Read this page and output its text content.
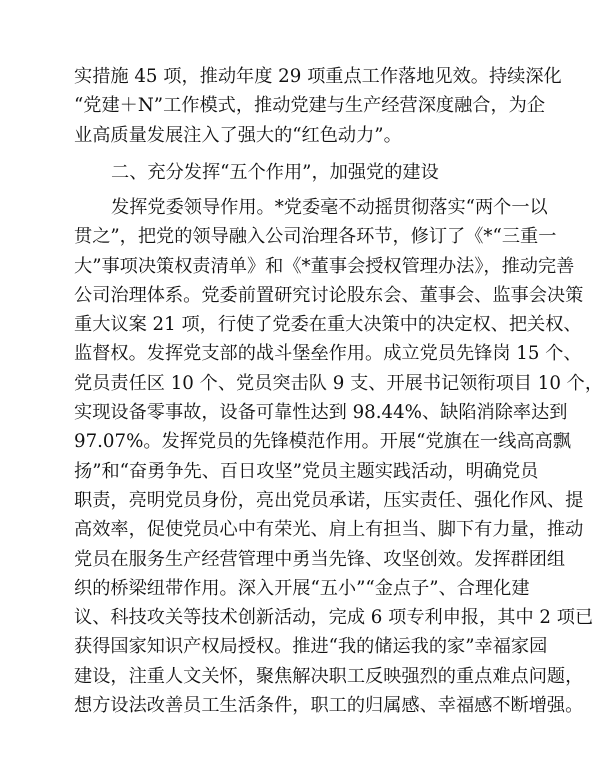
实措施 45 项，推动年度 29 项重点工作落地见效。持续深化
“党建＋N”工作模式，推动党建与生产经营深度融合，为企
业高质量发展注入了强大的“红色动力”。
二、充分发挥“五个作用”，加强党的建设
发挥党委领导作用。*党委毫不动摇贯彻落实“两个一以
贯之”，把党的领导融入公司治理各环节，修订了《*“三重一
大”事项决策权责清单》和《*董事会授权管理办法》，推动完善
公司治理体系。党委前置研究讨论股东会、董事会、监事会决策
重大议案 21 项，行使了党委在重大决策中的决定权、把关权、
监督权。发挥党支部的战斗堡垒作用。成立党员先锋岗 15 个、
党员责任区 10 个、党员突击队 9 支、开展书记领衔项目 10 个，
实现设备零事故，设备可靠性达到 98.44%、缺陷消除率达到
97.07%。发挥党员的先锋模范作用。开展“党旗在一线高高飘
扬”和“奋勇争先、百日攻坚”党员主题实践活动，明确党员
职责，亮明党员身份，亮出党员承诺，压实责任、强化作风、提
高效率，促使党员心中有荣光、肩上有担当、脚下有力量，推动
党员在服务生产经营管理中勇当先锋、攻坚创效。发挥群团组
织的桥梁纽带作用。深入开展“五小”“金点子”、合理化建
议、科技攻关等技术创新活动，完成 6 项专利申报，其中 2 项已
获得国家知识产权局授权。推进“我的储运我的家”幸福家园
建设，注重人文关怀，聚焦解决职工反映强烈的重点难点问题，
想方设法改善员工生活条件，职工的归属感、幸福感不断增强。
